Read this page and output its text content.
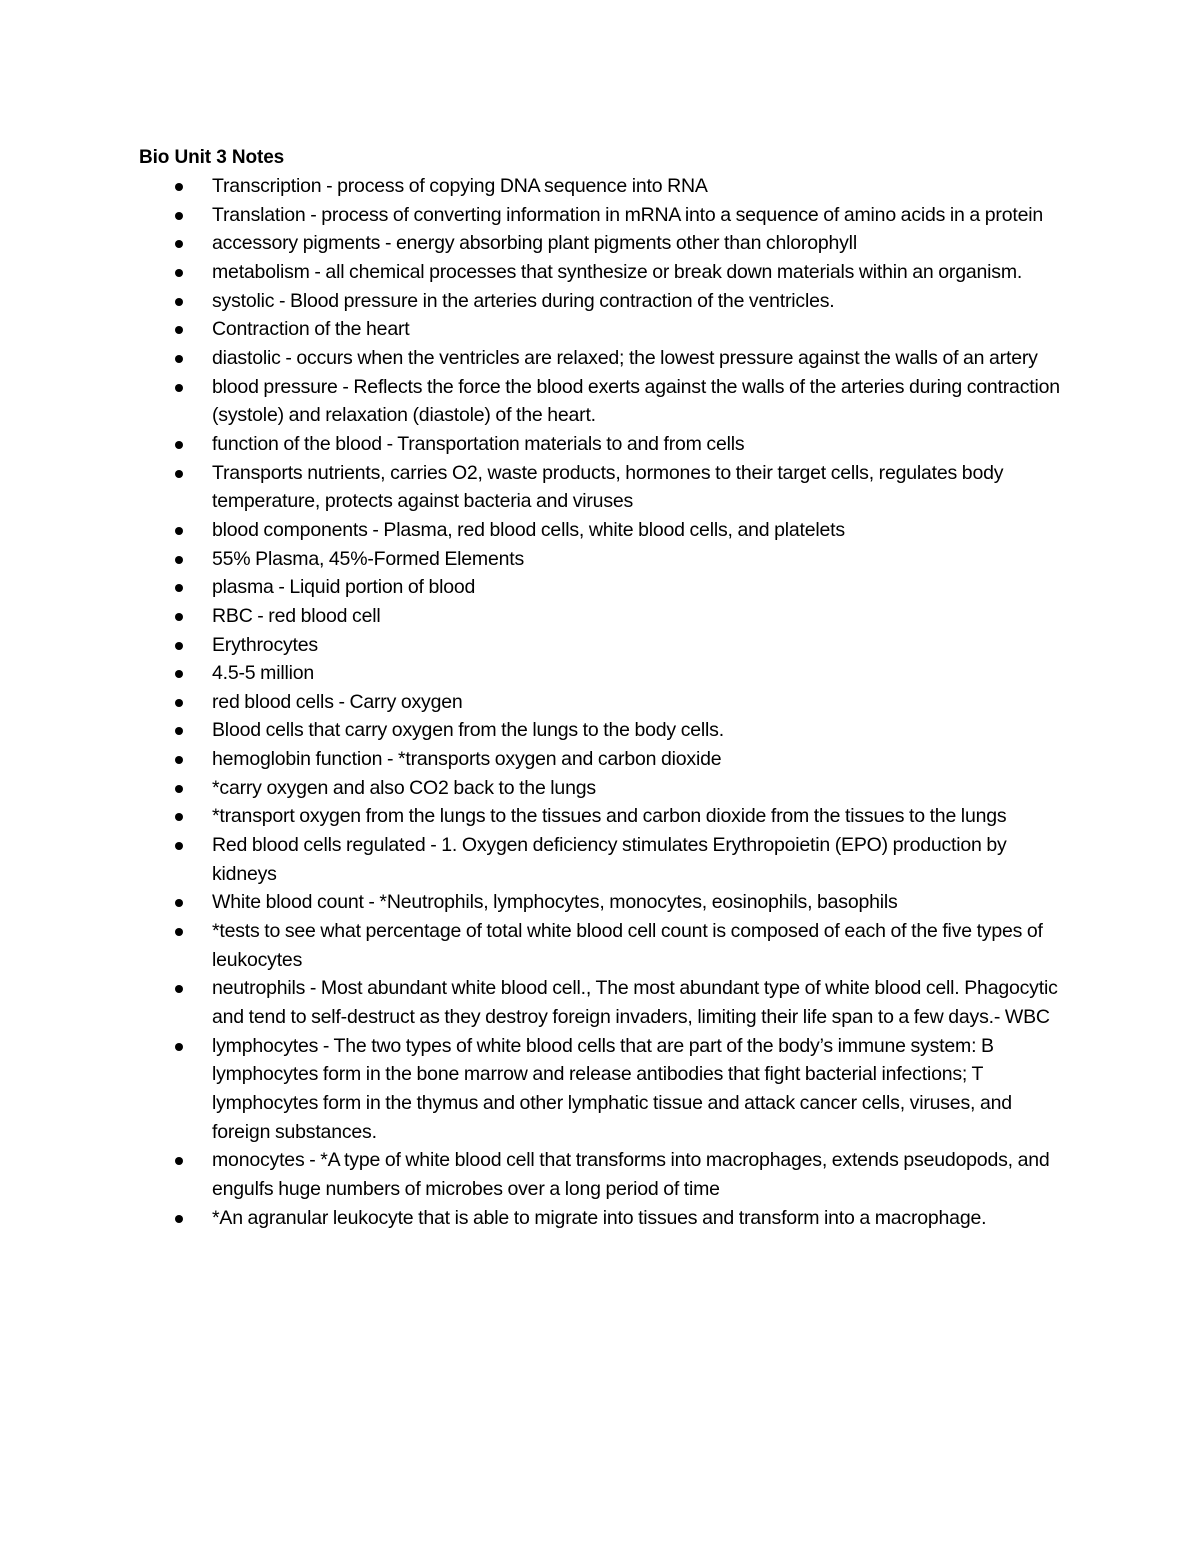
Bio Unit 3 Notes
Transcription - process of copying DNA sequence into RNA
Translation - process of converting information in mRNA into a sequence of amino acids in a protein
accessory pigments - energy absorbing plant pigments other than chlorophyll
metabolism - all chemical processes that synthesize or break down materials within an organism.
systolic - Blood pressure in the arteries during contraction of the ventricles.
Contraction of the heart
diastolic - occurs when the ventricles are relaxed; the lowest pressure against the walls of an artery
blood pressure - Reflects the force the blood exerts against the walls of the arteries during contraction (systole) and relaxation (diastole) of the heart.
function of the blood - Transportation materials to and from cells
Transports nutrients, carries O2, waste products, hormones to their target cells, regulates body temperature, protects against bacteria and viruses
blood components - Plasma, red blood cells, white blood cells, and platelets
55% Plasma, 45%-Formed Elements
plasma - Liquid portion of blood
RBC - red blood cell
Erythrocytes
4.5-5 million
red blood cells - Carry oxygen
Blood cells that carry oxygen from the lungs to the body cells.
hemoglobin function - *transports oxygen and carbon dioxide
*carry oxygen and also CO2 back to the lungs
*transport oxygen from the lungs to the tissues and carbon dioxide from the tissues to the lungs
Red blood cells regulated - 1. Oxygen deficiency stimulates Erythropoietin (EPO) production by kidneys
White blood count - *Neutrophils, lymphocytes, monocytes, eosinophils, basophils
*tests to see what percentage of total white blood cell count is composed of each of the five types of leukocytes
neutrophils - Most abundant white blood cell., The most abundant type of white blood cell. Phagocytic and tend to self-destruct as they destroy foreign invaders, limiting their life span to a few days.- WBC
lymphocytes - The two types of white blood cells that are part of the body’s immune system: B lymphocytes form in the bone marrow and release antibodies that fight bacterial infections; T lymphocytes form in the thymus and other lymphatic tissue and attack cancer cells, viruses, and foreign substances.
monocytes - *A type of white blood cell that transforms into macrophages, extends pseudopods, and engulfs huge numbers of microbes over a long period of time
*An agranular leukocyte that is able to migrate into tissues and transform into a macrophage.
